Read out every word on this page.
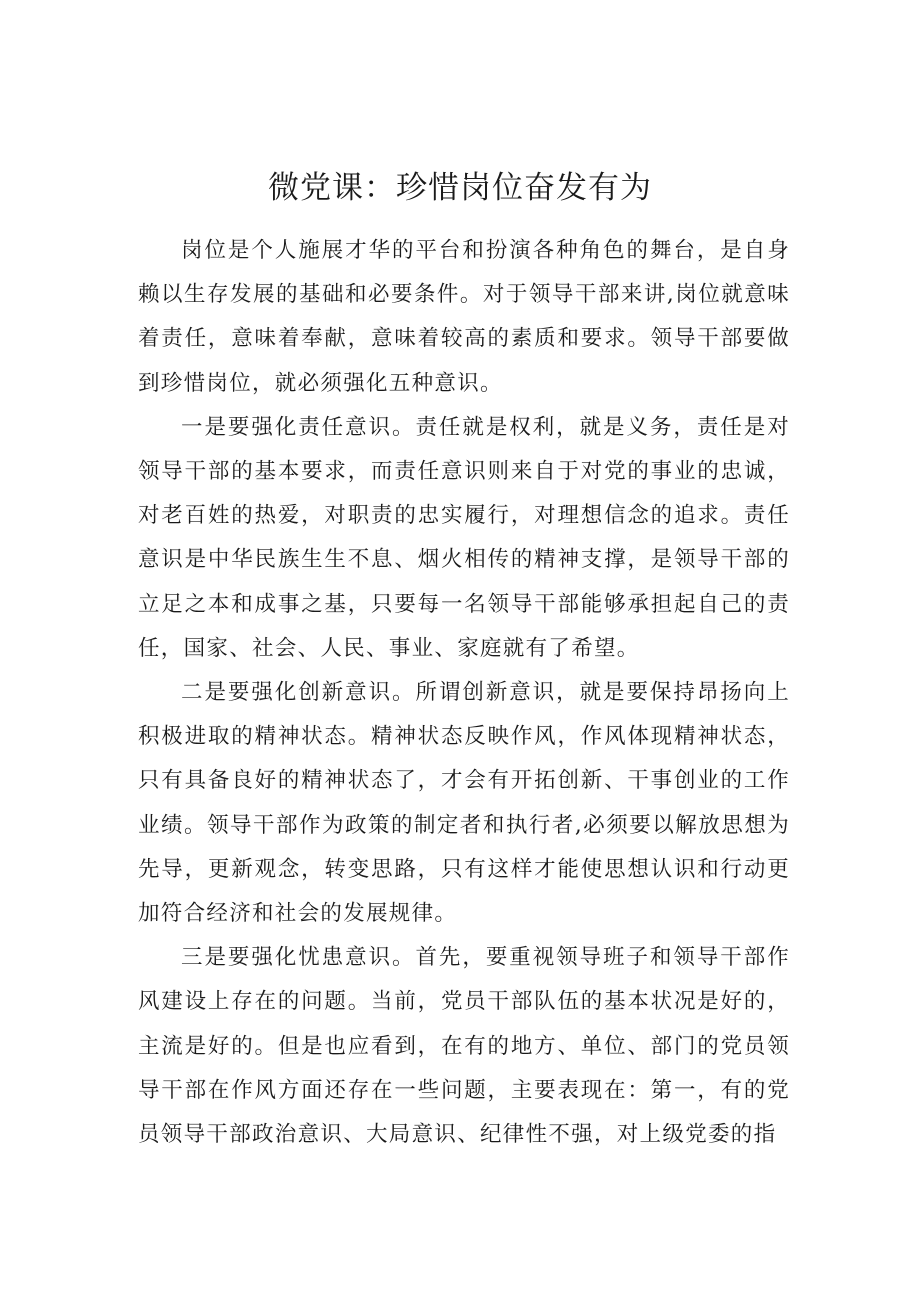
微党课：珍惜岗位奋发有为

岗位是个人施展才华的平台和扮演各种角色的舞台，是自身赖以生存发展的基础和必要条件。对于领导干部来讲,岗位就意味着责任，意味着奉献，意味着较高的素质和要求。领导干部要做到珍惜岗位，就必须强化五种意识。

一是要强化责任意识。责任就是权利，就是义务，责任是对领导干部的基本要求，而责任意识则来自于对党的事业的忠诚，对老百姓的热爱，对职责的忠实履行，对理想信念的追求。责任意识是中华民族生生不息、烟火相传的精神支撑，是领导干部的立足之本和成事之基，只要每一名领导干部能够承担起自己的责任，国家、社会、人民、事业、家庭就有了希望。

二是要强化创新意识。所谓创新意识，就是要保持昂扬向上积极进取的精神状态。精神状态反映作风，作风体现精神状态，只有具备良好的精神状态了，才会有开拓创新、干事创业的工作业绩。领导干部作为政策的制定者和执行者,必须要以解放思想为先导，更新观念，转变思路，只有这样才能使思想认识和行动更加符合经济和社会的发展规律。

三是要强化忧患意识。首先，要重视领导班子和领导干部作风建设上存在的问题。当前，党员干部队伍的基本状况是好的，主流是好的。但是也应看到，在有的地方、单位、部门的党员领导干部在作风方面还存在一些问题，主要表现在：第一，有的党员领导干部政治意识、大局意识、纪律性不强，对上级党委的指
